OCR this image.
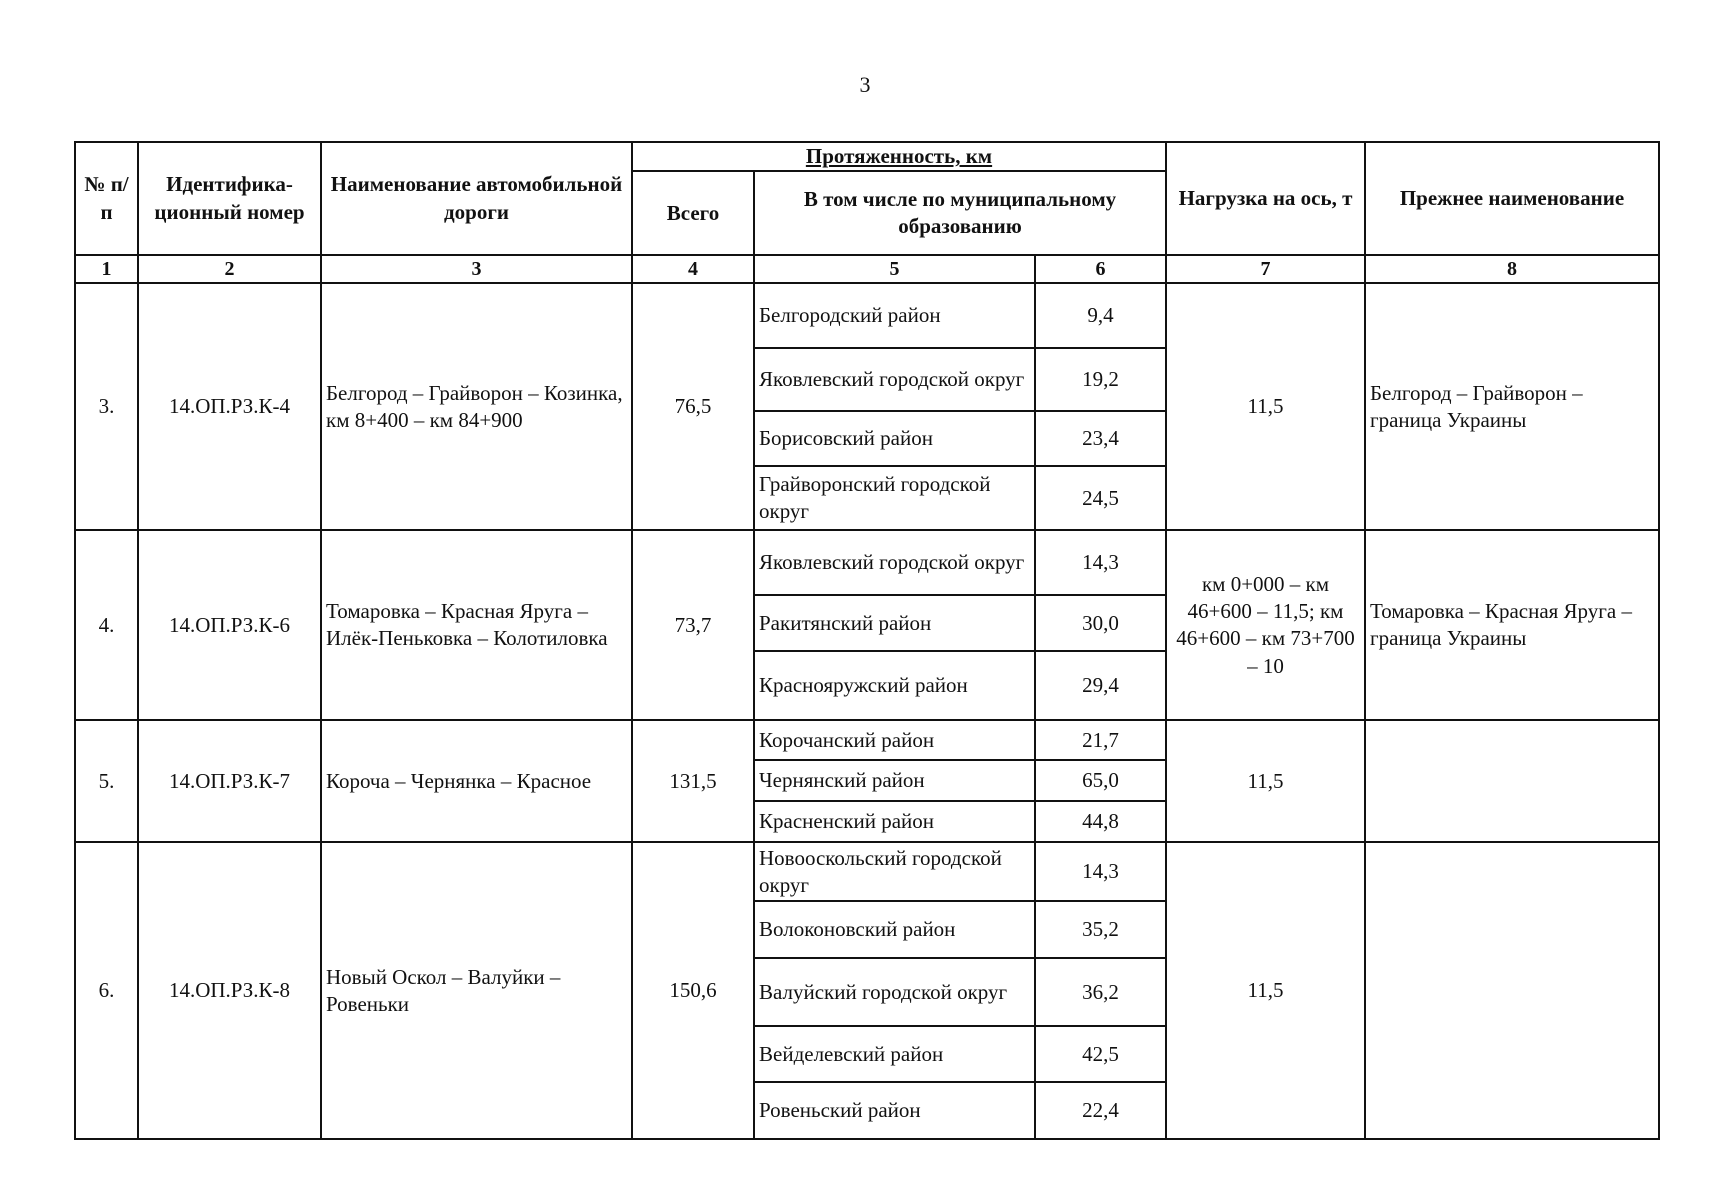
3
№ п/п	Идентифика-ционный номер	Наименование автомобильной дороги	Протяженность, км			Нагрузка на ось, т	Прежнее наименование
			Всего	В том числе по муниципальному образованию			
1	2	3	4	5	6	7	8
3.	14.ОП.РЗ.К-4	Белгород – Грайворон – Козинка, км 8+400 – км 84+900	76,5	Белгородский район	9,4	11,5	Белгород – Грайворон – граница Украины
				Яковлевский городской округ	19,2		
				Борисовский район	23,4		
				Грайворонский городской округ	24,5		
4.	14.ОП.РЗ.К-6	Томаровка – Красная Яруга – Илёк-Пеньковка – Колотиловка	73,7	Яковлевский городской округ	14,3	км 0+000 – км 46+600 – 11,5; км 46+600 – км 73+700 – 10	Томаровка – Красная Яруга – граница Украины
				Ракитянский район	30,0		
				Краснояружский район	29,4		
5.	14.ОП.РЗ.К-7	Короча – Чернянка – Красное	131,5	Корочанский район	21,7	11,5	
				Чернянский район	65,0		
				Красненский район	44,8		
6.	14.ОП.РЗ.К-8	Новый Оскол – Валуйки – Ровеньки	150,6	Новооскольский городской округ	14,3	11,5	
				Волоконовский район	35,2		
				Валуйский городской округ	36,2		
				Вейделевский район	42,5		
				Ровеньский район	22,4		
